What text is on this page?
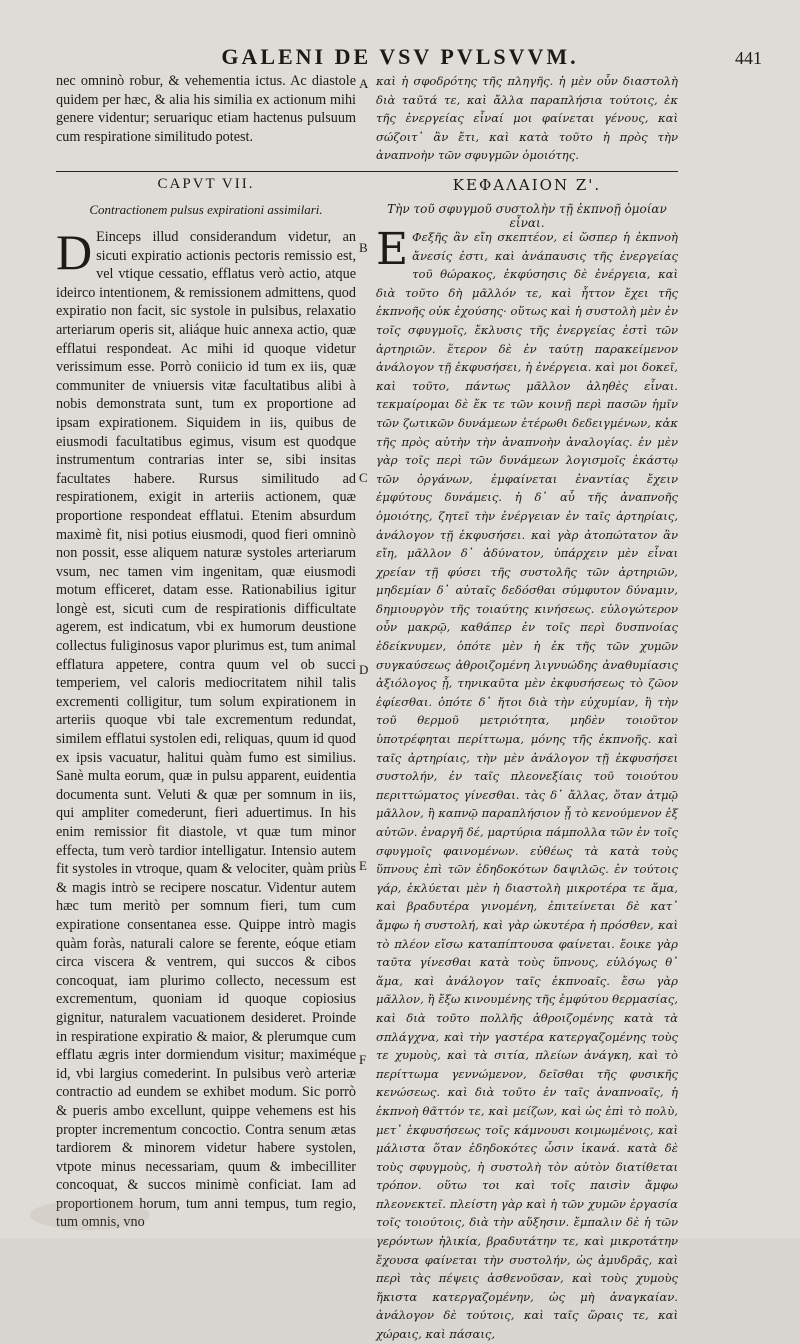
GALENI DE VSV PVLSVVM.	441
nec omninò robur, & vehementia ictus. Ac diastole quidem per hæc, & alia his similia ex actionum mihi genere videntur; seruariquc etiam hactenus pulsuum cum respiratione similitudo potest.
καὶ ἡ σφοδρότης τῆς πληγῆς. ἡ μὲν οὖν διαστολὴ διὰ ταῦτά τε, καὶ ἄλλα παραπλήσια τούτοις, ἐκ τῆς ἐνεργείας εἶναί μοι φαίνεται γένους, καὶ σώζοιτ᾽ ἂν ἔτι, καὶ κατὰ τοῦτο ἡ πρὸς τὴν ἀναπνοὴν τῶν σφυγμῶν ὁμοιότης.
CAPVT VII.	ΚΕΦΑΛΑΙΟΝ Ζ'.
Contractionem pulsus expirationi assimilari.	Τὴν τοῦ σφυγμοῦ συστολὴν τῇ ἐκπνοῇ ὁμοίαν εἶναι.
D Einceps illud considerandum videtur, an sicuti expiratio actionis pectoris remissio est, vel vtique cessatio, efflatus verò actio, atque ideirco intentionem, & remissionem admittens, quod expiratio non facit, sic systole in pulsibus, relaxatio arteriarum operis sit, aliáque huic annexa actio, quæ efflatui respondeat. Ac mihi id quoque videtur verissimum esse. Porrò coniicio id tum ex iis, quæ communiter de vniuersis vitæ facultatibus alibi à nobis demonstrata sunt, tum ex proportione ad ipsam expirationem. Siquidem in iis, quibus de eiusmodi facultatibus egimus, visum est quodque instrumentum contrarias inter se, sibi insitas facultates habere. Rursus similitudo ad respirationem, exigit in arteriis actionem, quæ proportione respondeat efflatui. Etenim absurdum maximè fit, nisi potius eiusmodi, quod fieri omninò non possit, esse aliquem naturæ systoles arteriarum vsum, nec tamen vim ingenitam, quæ eiusmodi motum efficeret, datam esse. Rationabilius igitur longè est, sicuti cum de respirationis difficultate agerem, est indicatum, vbi ex humorum deustione collectus fuliginosus vapor plurimus est, tum animal efflatura appetere, contra quum vel ob succi temperiem, vel caloris mediocritatem nihil talis excrementi colligitur, tum solum expirationem in arteriis quoque vbi tale excrementum redundat, similem efflatui systolen edi, reliquas, quum id quod ex ipsis vacuatur, halitui quàm fumo est similius. Sanè multa eorum, quæ in pulsu apparent, euidentia documenta sunt. Veluti & quæ per somnum in iis, qui ampliter comederunt, fieri aduertimus. In his enim remissior fit diastole, vt quæ tum minor effecta, tum verò tardior intelligatur. Intensio autem fit systoles in vtroque, quam & velociter, quàm priùs & magis intrò se recipere noscatur. Videntur autem hæc tum meritò per somnum fieri, tum cum expiratione consentanea esse. Quippe intrò magis quàm foràs, naturali calore se ferente, eóque etiam circa viscera & ventrem, qui succos & cibos concoquat, iam plurimo collecto, necessum est excrementum, quoniam id quoque copiosius gignitur, naturalem vacuationem desideret. Proinde in respiratione expiratio & maior, & plerumque cum efflatu ægris inter dormiendum visitur; maximéque id, vbi largius comederint. In pulsibus verò arteriæ contractio ad eundem se exhibet modum. Sic porrò & pueris ambo excellunt, quippe vehemens est his propter incrementum concoctio. Contra senum ætas tardiorem & minorem videtur habere systolen, vtpote minus necessariam, quum & imbecilliter concoquat, & succos minimè conficiat. Iam ad proportionem horum, tum anni tempus, tum regio, tum omnis, vno
Ε Φεξῆς ἂν εἴη σκεπτέον, εἰ ὥσπερ ἡ ἐκπνοὴ ἄνεσίς ἐστι, καὶ ἀνάπαυσις τῆς ἐνεργείας τοῦ θώρακος, ἐκφύσησις δὲ ἐνέργεια, καὶ διὰ τοῦτο δὴ μᾶλλόν τε, καὶ ἧττον ἔχει τῆς ἐκπνοῆς οὐκ ἐχούσης· οὕτως καὶ ἡ συστολὴ μὲν ἐν τοῖς σφυγμοῖς, ἔκλυσις τῆς ἐνεργείας ἐστὶ τῶν ἀρτηριῶν. ἕτερον δὲ ἐν ταύτῃ παρακείμενον ἀνάλογον τῇ ἐκφυσήσει, ἡ ἐνέργεια. καὶ μοι δοκεῖ, καὶ τοῦτο, πάντως μᾶλλον ἀληθὲς εἶναι. τεκμαίρομαι δὲ ἔκ τε τῶν κοινῇ περὶ πασῶν ἡμῖν τῶν ζωτικῶν δυνάμεων ἑτέρωθι δεδειγμένων, κἀκ τῆς πρὸς αὐτὴν τὴν ἀναπνοὴν ἀναλογίας. ἐν μὲν γὰρ τοῖς περὶ τῶν δυνάμεων λογισμοῖς ἑκάστῳ τῶν ὀργάνων, ἐμφαίνεται ἐναντίας ἔχειν ἐμφύτους δυνάμεις. ἡ δ᾽ αὖ τῆς ἀναπνοῆς ὁμοιότης, ζητεῖ τὴν ἐνέργειαν ἐν ταῖς ἀρτηρίαις, ἀνάλογον τῇ ἐκφυσήσει. καὶ γὰρ ἀτοπώτατον ἂν εἴη, μᾶλλον δ᾽ ἀδύνατον, ὑπάρχειν μὲν εἶναι χρείαν τῇ φύσει τῆς συστολῆς τῶν ἀρτηριῶν, μηδεμίαν δ᾽ αὐταῖς δεδόσθαι σύμφυτον δύναμιν, δημιουργὸν τῆς τοιαύτης κινήσεως. εὐλογώτερον οὖν μακρῷ, καθάπερ ἐν τοῖς περὶ δυσπνοίας ἐδείκνυμεν, ὁπότε μὲν ἡ ἐκ τῆς τῶν χυμῶν συγκαύσεως ἀθροιζομένη λιγνυώδης ἀναθυμίασις ἀξιόλογος ᾖ, τηνικαῦτα μὲν ἐκφυσήσεως τὸ ζῶον ἐφίεσθαι. ὁπότε δ᾽ ἤτοι διὰ τὴν εὐχυμίαν, ἢ τὴν τοῦ θερμοῦ μετριότητα, μηδὲν τοιοῦτον ὑποτρέφηται περίττωμα, μόνης τῆς ἐκπνοῆς. καὶ ταῖς ἀρτηρίαις, τὴν μὲν ἀνάλογον τῇ ἐκφυσήσει συστολήν, ἐν ταῖς πλεονεξίαις τοῦ τοιούτου περιττώματος γίνεσθαι. τὰς δ᾽ ἄλλας, ὅταν ἀτμῷ μᾶλλον, ἢ καπνῷ παραπλήσιον ᾖ τὸ κενούμενον ἐξ αὐτῶν. ἐναργῆ δέ, μαρτύρια πάμπολλα τῶν ἐν τοῖς σφυγμοῖς φαινομένων. εὐθέως τὰ κατὰ τοὺς ὕπνους ἐπὶ τῶν ἐδηδοκότων δαψιλῶς. ἐν τούτοις γάρ, ἐκλύεται μὲν ἡ διαστολὴ μικροτέρα τε ἅμα, καὶ βραδυτέρα γινομένη, ἐπιτείνεται δὲ κατ᾽ ἄμφω ἡ συστολή, καὶ γὰρ ὠκυτέρα ἡ πρόσθεν, καὶ τὸ πλέον εἴσω καταπίπτουσα φαίνεται. ἔοικε γὰρ ταῦτα γίνεσθαι κατὰ τοὺς ὕπνους, εὐλόγως θ᾽ ἅμα, καὶ ἀνάλογον ταῖς ἐκπνοαῖς. ἔσω γὰρ μᾶλλον, ἢ ἔξω κινουμένης τῆς ἐμφύτου θερμασίας, καὶ διὰ τοῦτο πολλῆς ἀθροιζομένης κατὰ τὰ σπλάγχνα, καὶ τὴν γαστέρα κατεργαζομένης τοὺς τε χυμοὺς, καὶ τὰ σιτία, πλείων ἀνάγκη, καὶ τὸ περίττωμα γεννώμενον, δεῖσθαι τῆς φυσικῆς κενώσεως. καὶ διὰ τοῦτο ἐν ταῖς ἀναπνοαῖς, ἡ ἐκπνοὴ θᾶττόν τε, καὶ μείζων, καὶ ὡς ἐπὶ τὸ πολὺ, μετ᾽ ἐκφυσήσεως τοῖς κάμνουσι κοιμωμένοις, καὶ μάλιστα ὅταν ἐδηδοκότες ὦσιν ἱκανά. κατὰ δὲ τοὺς σφυγμοὺς, ἡ συστολὴ τὸν αὐτὸν διατίθεται τρόπον. οὕτω τοι καὶ τοῖς παισὶν ἄμφω πλεονεκτεῖ. πλείστη γὰρ καὶ ἡ τῶν χυμῶν ἐργασία τοῖς τοιούτοις, διὰ τὴν αὔξησιν. ἔμπαλιν δὲ ἡ τῶν γερόντων ἡλικία, βραδυτάτην τε, καὶ μικροτάτην ἔχουσα φαίνεται τὴν συστολήν, ὡς ἀμυδρᾶς, καὶ περὶ τὰς πέψεις ἀσθενοῦσαν, καὶ τοὺς χυμοὺς ἥκιστα κατεργαζομένην, ὡς μὴ ἀναγκαίαν. ἀνάλογον δὲ τούτοις, καὶ ταῖς ὥραις τε, καὶ χώραις, καὶ πάσαις,
A
B
C
D
E
F
